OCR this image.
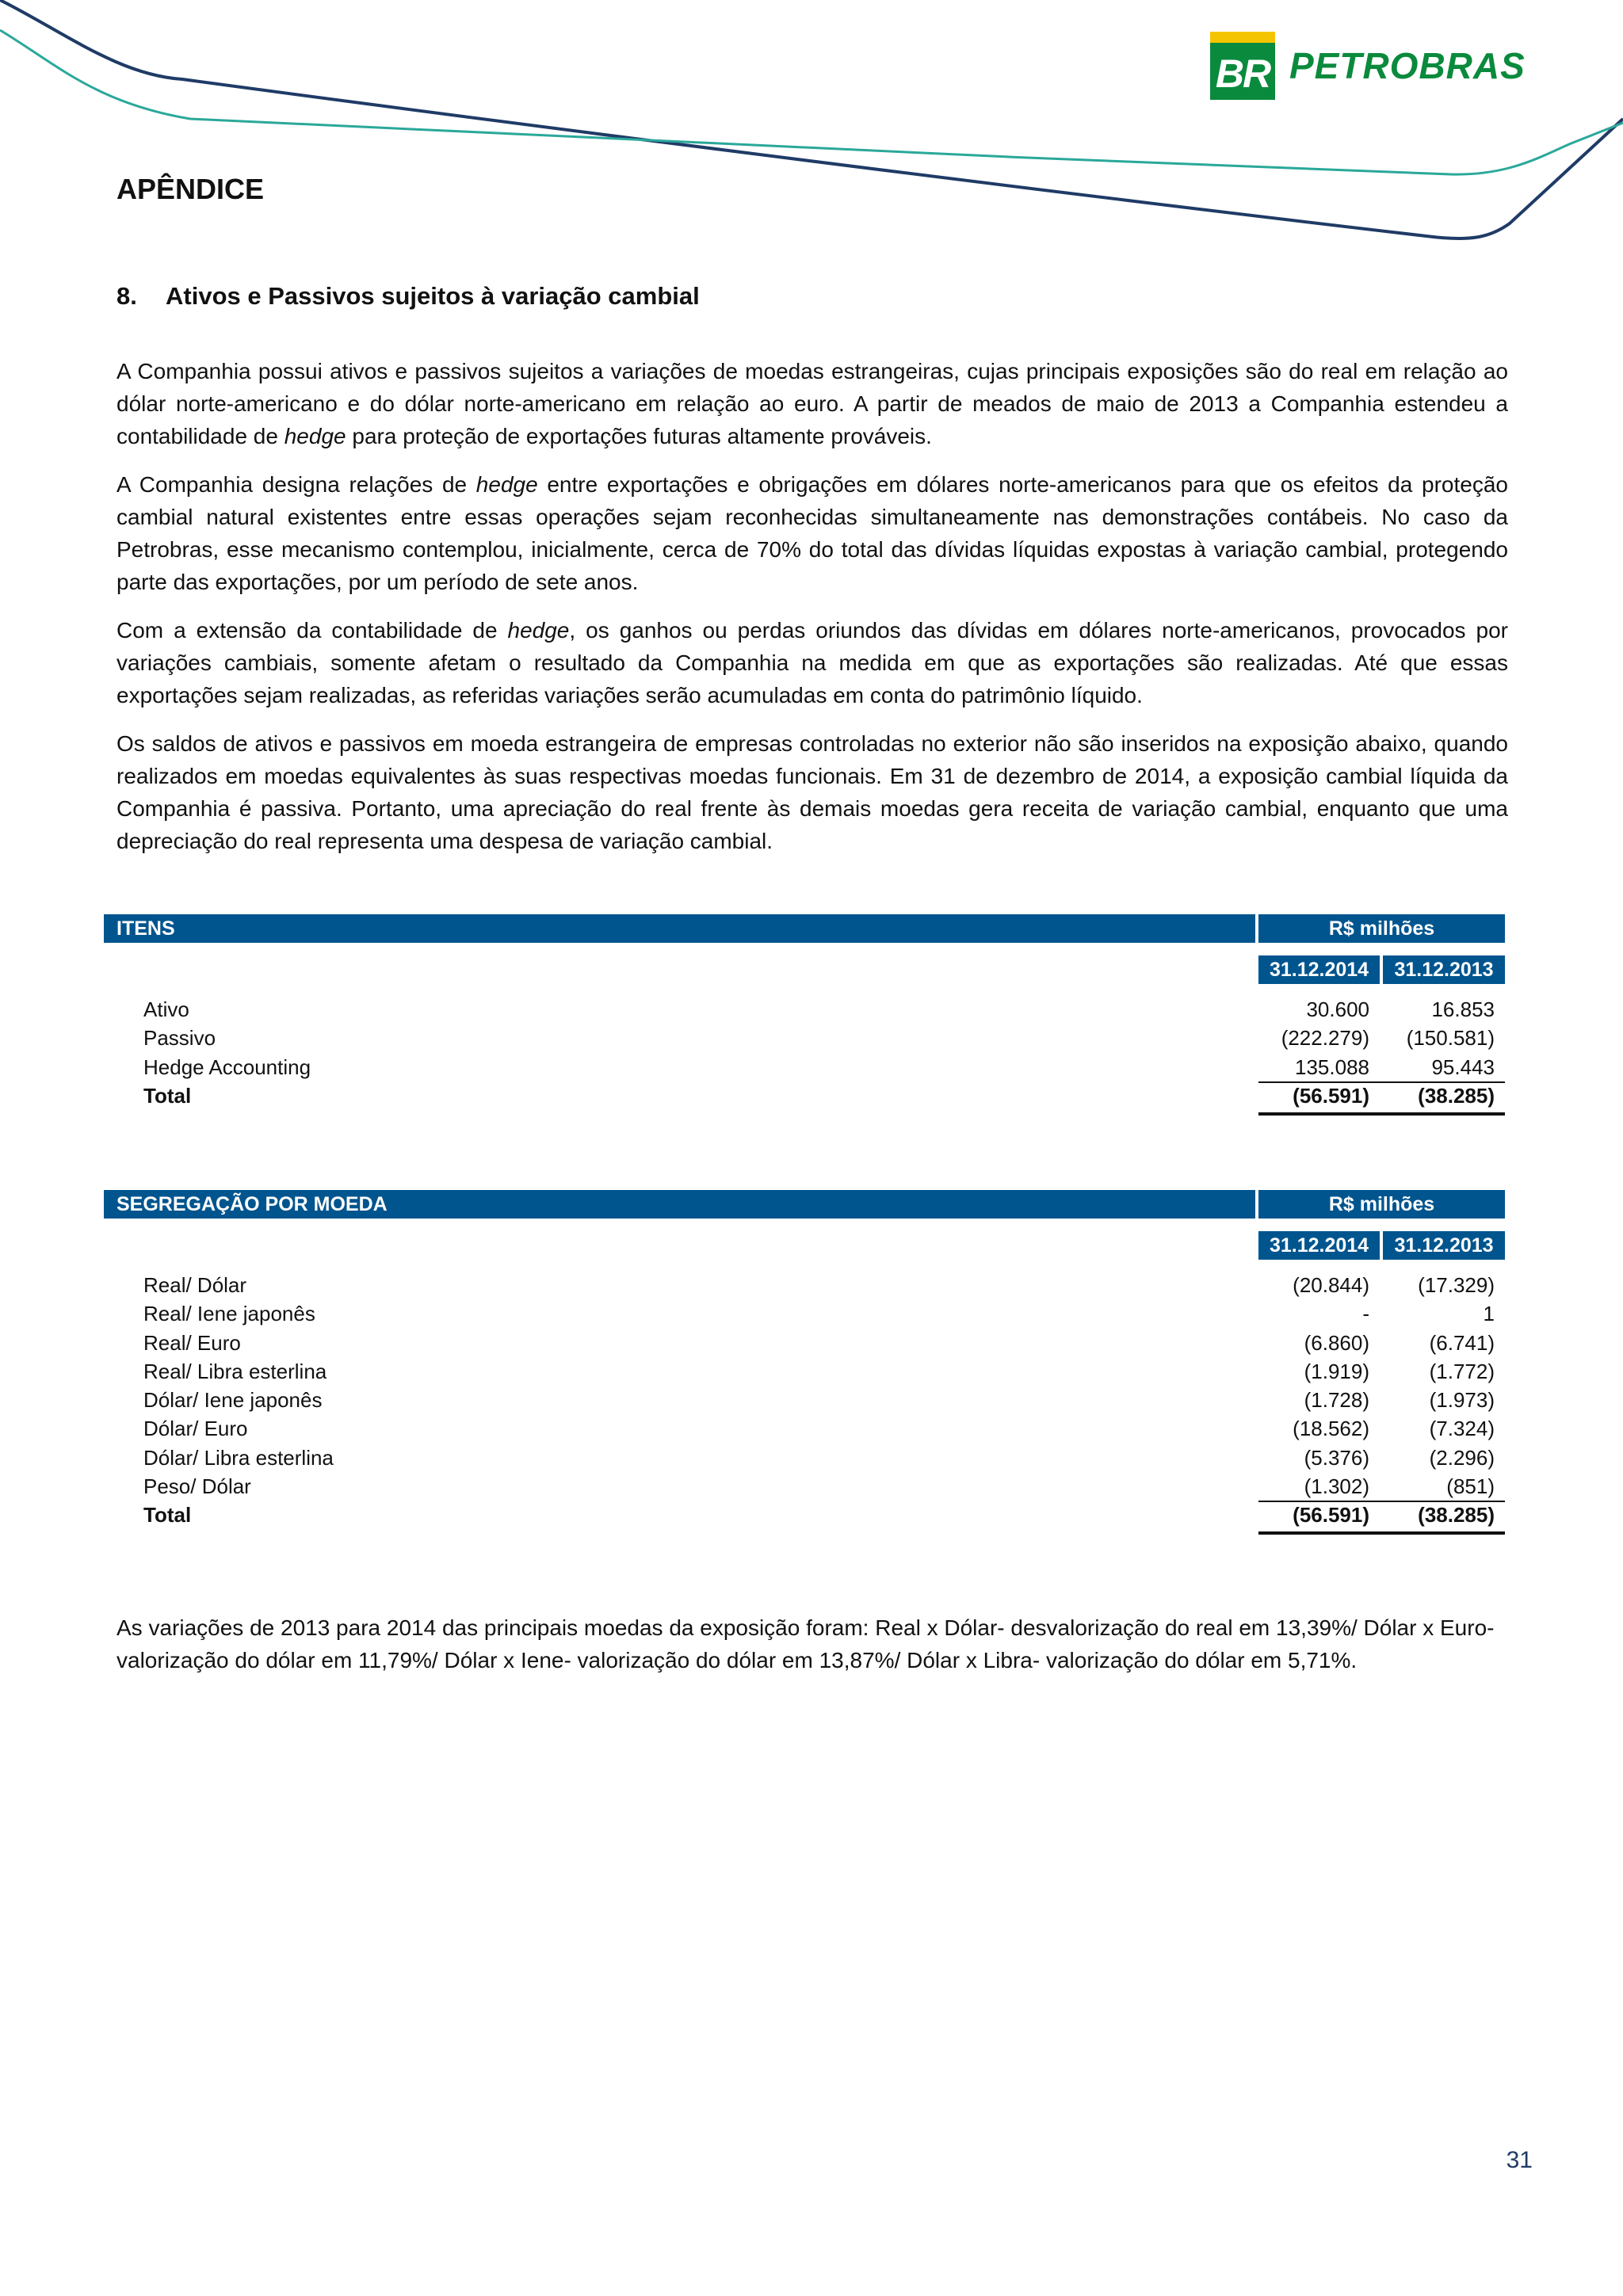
BR PETROBRAS
APÊNDICE
8.	Ativos e Passivos sujeitos à variação cambial

A Companhia possui ativos e passivos sujeitos a variações de moedas estrangeiras, cujas principais exposições são do real em relação ao dólar norte-americano e do dólar norte-americano em relação ao euro. A partir de meados de maio de 2013 a Companhia estendeu a contabilidade de hedge para proteção de exportações futuras altamente prováveis.

A Companhia designa relações de hedge entre exportações e obrigações em dólares norte-americanos para que os efeitos da proteção cambial natural existentes entre essas operações sejam reconhecidas simultaneamente nas demonstrações contábeis. No caso da Petrobras, esse mecanismo contemplou, inicialmente, cerca de 70% do total das dívidas líquidas expostas à variação cambial, protegendo parte das exportações, por um período de sete anos.

Com a extensão da contabilidade de hedge, os ganhos ou perdas oriundos das dívidas em dólares norte-americanos, provocados por variações cambiais, somente afetam o resultado da Companhia na medida em que as exportações são realizadas. Até que essas exportações sejam realizadas, as referidas variações serão acumuladas em conta do patrimônio líquido.

Os saldos de ativos e passivos em moeda estrangeira de empresas controladas no exterior não são inseridos na exposição abaixo, quando realizados em moedas equivalentes às suas respectivas moedas funcionais. Em 31 de dezembro de 2014, a exposição cambial líquida da Companhia é passiva. Portanto, uma apreciação do real frente às demais moedas gera receita de variação cambial, enquanto que uma depreciação do real representa uma despesa de variação cambial.

ITENS	R$ milhões
31.12.2014	31.12.2013
Ativo	30.600	16.853
Passivo	(222.279)	(150.581)
Hedge Accounting	135.088	95.443
Total	(56.591)	(38.285)
SEGREGAÇÃO POR MOEDA	R$ milhões
31.12.2014	31.12.2013
Real/ Dólar	(20.844)	(17.329)
Real/ Iene japonês	-	1
Real/ Euro	(6.860)	(6.741)
Real/ Libra esterlina	(1.919)	(1.772)
Dólar/ Iene japonês	(1.728)	(1.973)
Dólar/ Euro	(18.562)	(7.324)
Dólar/ Libra esterlina	(5.376)	(2.296)
Peso/ Dólar	(1.302)	(851)
Total	(56.591)	(38.285)
As variações de 2013 para 2014 das principais moedas da exposição foram: Real x Dólar- desvalorização do real em 13,39%/ Dólar x Euro- valorização do dólar em 11,79%/ Dólar x Iene- valorização do dólar em 13,87%/ Dólar x Libra- valorização do dólar em 5,71%.
31
